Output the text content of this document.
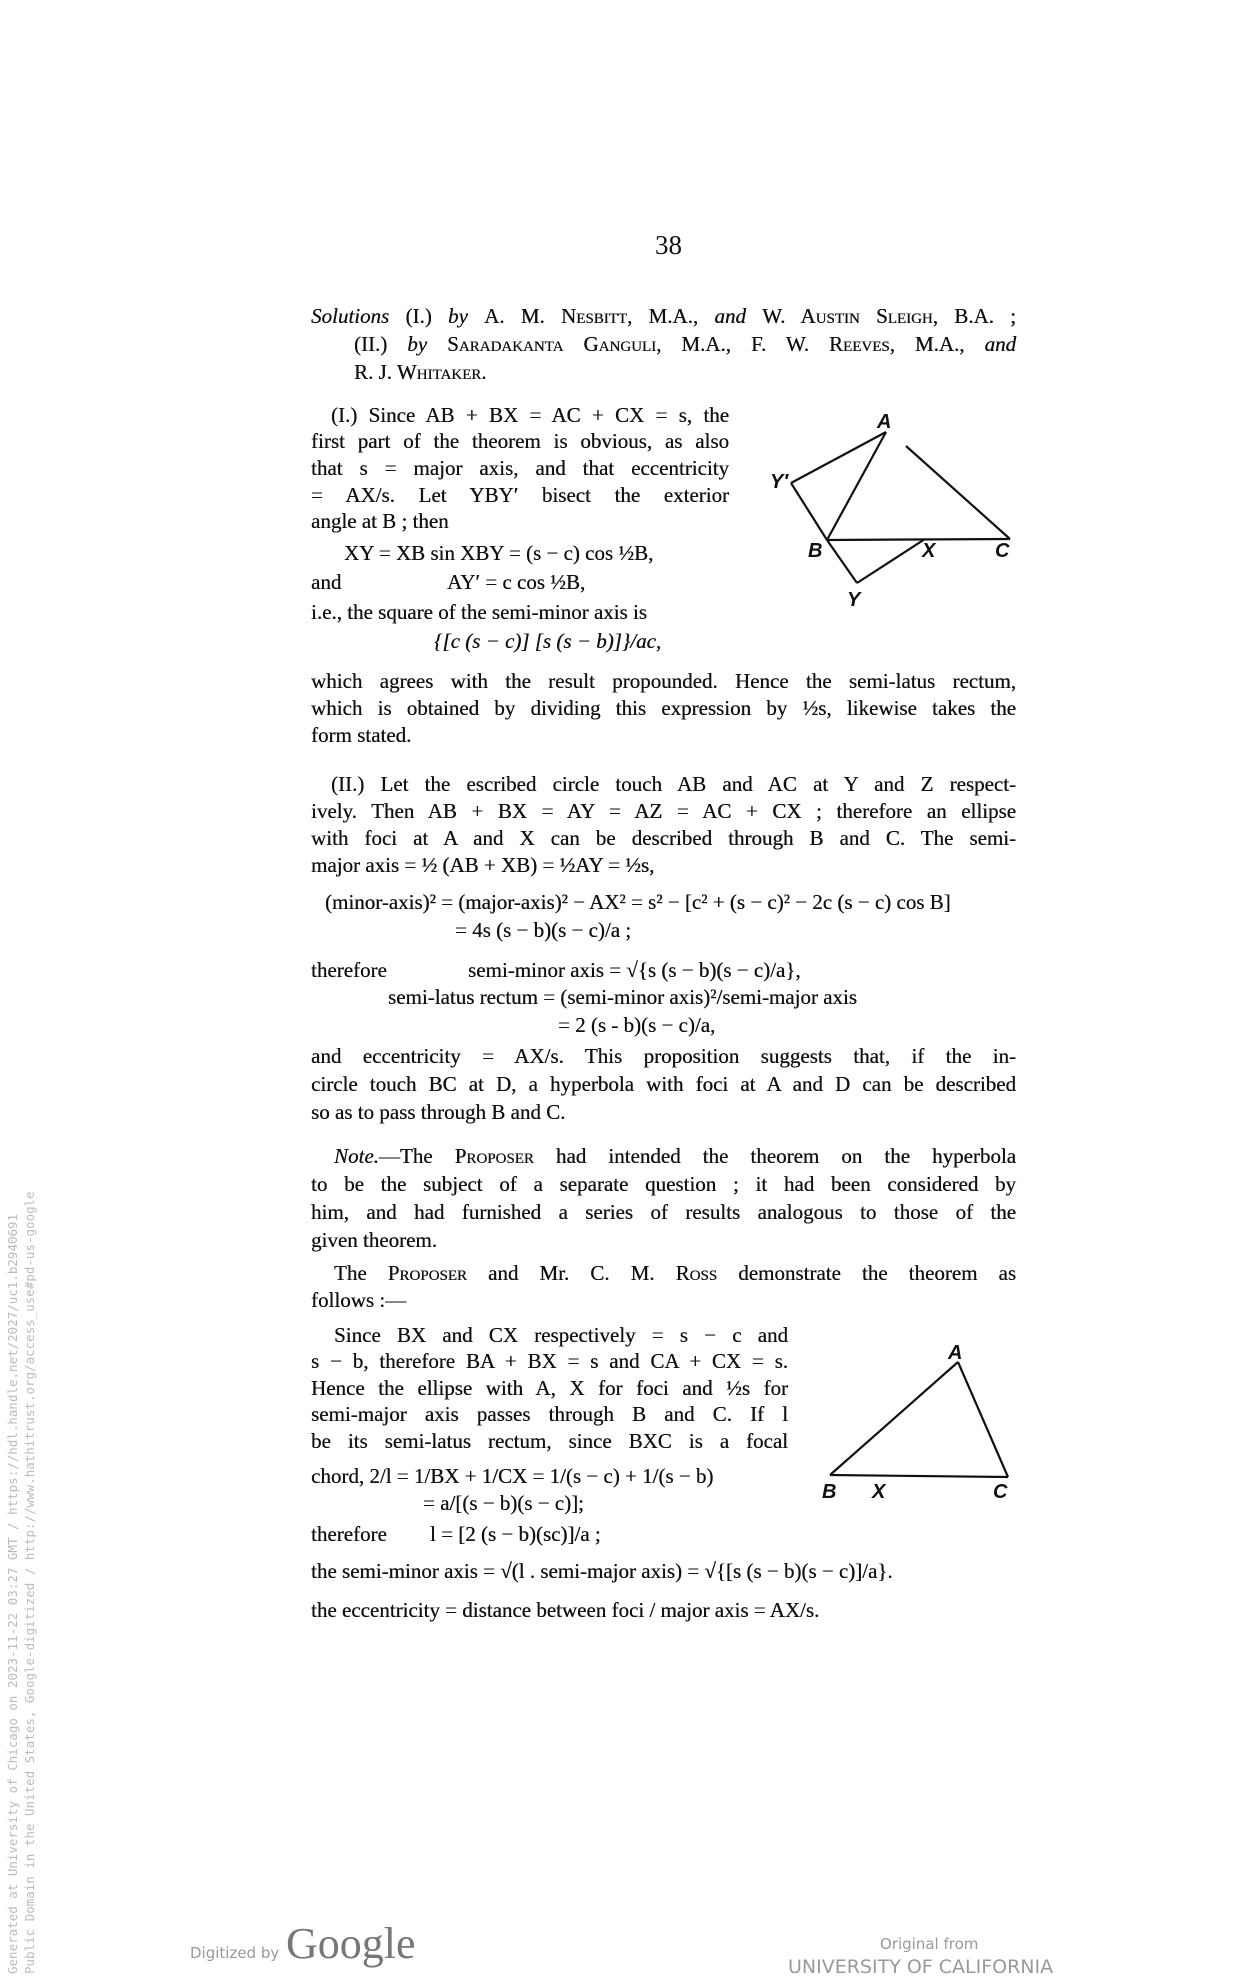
38
Solutions (I.) by A. M. Nesbitt, M.A., and W. Austin Sleigh, B.A. ;
(II.) by Saradakanta Ganguli, M.A., F. W. Reeves, M.A., and
R. J. Whitaker.
(I.) Since AB + BX = AC + CX = s, the
first part of the theorem is obvious, as also
that s = major axis, and that eccentricity
= AX/s. Let YBY′ bisect the exterior
angle at B ; then
XY = XB sin XBY = (s − c) cos ½B,
and	AY′ = c cos ½B,
i.e., the square of the semi-minor axis is
{[c (s − c)] [s (s − b)]}/ac,
which agrees with the result propounded. Hence the semi-latus rectum,
which is obtained by dividing this expression by ½s, likewise takes the
form stated.
A
Y′
B	X	C
Y
A
B X	C
(II.) Let the escribed circle touch AB and AC at Y and Z respect-
ively. Then AB + BX = AY = AZ = AC + CX ; therefore an ellipse
with foci at A and X can be described through B and C. The semi-
major axis = ½ (AB + XB) = ½AY = ½s,
(minor-axis)² = (major-axis)² − AX² = s² − [c² + (s − c)² − 2c (s − c) cos B]
= 4s (s − b)(s − c)/a ;
therefore	semi-minor axis = √{s (s − b)(s − c)/a},
semi-latus rectum = (semi-minor axis)²/semi-major axis
= 2 (s - b)(s − c)/a,
and eccentricity = AX/s. This proposition suggests that, if the in-
circle touch BC at D, a hyperbola with foci at A and D can be described
so as to pass through B and C.
Note.—The Proposer had intended the theorem on the hyperbola
to be the subject of a separate question ; it had been considered by
him, and had furnished a series of results analogous to those of the
given theorem.
The Proposer and Mr. C. M. Ross demonstrate the theorem as
follows :—
Since BX and CX respectively = s − c and
s − b, therefore BA + BX = s and CA + CX = s.
Hence the ellipse with A, X for foci and ½s for
semi-major axis passes through B and C. If l
be its semi-latus rectum, since BXC is a focal
chord, 2/l = 1/BX + 1/CX = 1/(s − c) + 1/(s − b)
= a/[(s − b)(s − c)];
therefore l = [2 (s − b)(sc)]/a ;
the semi-minor axis = √(l . semi-major axis) = √{[s (s − b)(s − c)]/a}.
the eccentricity = distance between foci / major axis = AX/s.
Generated at University of Chicago on 2023-11-22 03:27 GMT / https://hdl.handle.net/2027/uc1.b2940691 Public Domain in the United States, Google-digitized / http://www.hathitrust.org/access_use#pd-us-google	Digitized by Google	Original from
UNIVERSITY OF CALIFORNIA
